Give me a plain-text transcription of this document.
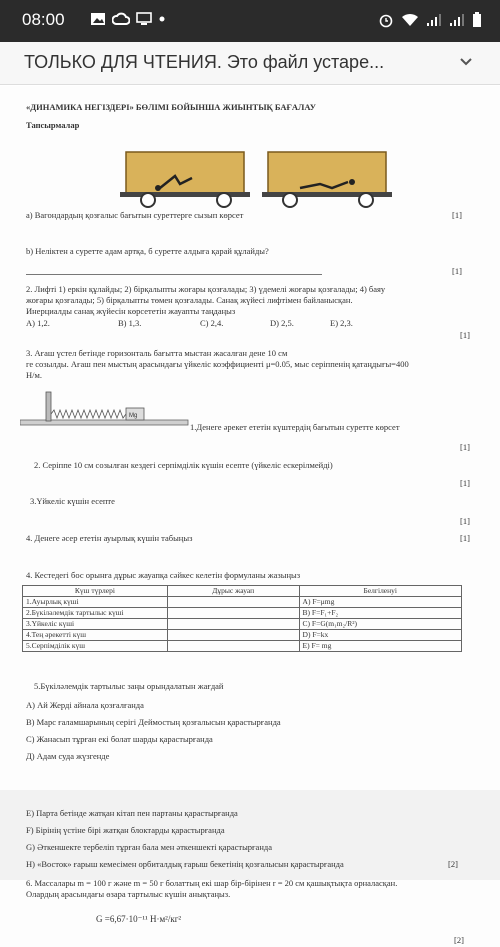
08:00
ТОЛЬКО ДЛЯ ЧТЕНИЯ. Это файл устаре...
«ДИНАМИКА НЕГІЗДЕРІ» БӨЛІМІ БОЙЫНША ЖИЫНТЫҚ БАҒАЛАУ
Тапсырмалар
а) Вагондардың қозғалыс бағытын суреттерге сызып көрсет	[1]
b) Неліктен а суретте адам артқа, б суретте алдыға қарай құлайды?
[1]
2. Лифті 1) еркін құлайды; 2) бірқалыпты жоғары қозғалады; 3) үдемелі жоғары қозғалады; 4) баяу
жоғары қозғалады; 5) бірқалыпты төмен қозғалады. Санақ жүйесі лифтімен байланысқан.
Инерциалды санақ жүйесін көрсететін жауапты таңдаңыз
A) 1,2.	B) 1,3.	C) 2,4.	D) 2,5.	E) 2,3.
[1]
3. Ағаш үстел бетінде горизонталь бағытта мыстан жасалған дене 10 см
ге созылды. Ағаш пен мыстың арасындағы үйкеліс коэффициенті μ=0.05, мыс серіппенің қатаңдығы=400
Н/м.
Mg
1.Денеге әрекет ететін күштердің бағытын суретте көрсет
[1]
2. Серіппе 10 см созылған кездегі серпімділік күшін есепте (үйкеліс ескерілмейді)
[1]
3.Үйкеліс күшін есепте
[1]
4. Денеге әсер ететін ауырлық күшін табыңыз	[1]
4. Кестедегі бос орынға дұрыс жауапқа сәйкес келетін формуланы жазыңыз
5.Бүкіләлемдік тартылыс заңы орындалатын жағдай
A) Ай Жерді айнала қозғалғанда
B) Марс ғаламшарының серігі Деймостың қозғалысын қарастырғанда
C) Жанасып тұрған екі болат шарды қарастырғанда
Д) Адам суда жүзгенде
E) Парта бетінде жатқан кітап пен партаны қарастырғанда
F) Бірінің үстіне бірі жатқан блоктарды қарастырғанда
G) Әткеншекте тербеліп тұрған бала мен әткеншекті қарастырғанда
H) «Восток» ғарыш кемесімен орбиталдық ғарыш бекетінің қозғалысын қарастырғанда	[2]
6. Массалары m = 100 г және m = 50 г болаттың екі шар бір-бірінен r = 20 см қашықтықта орналасқан.
Олардың арасындағы өзара тартылыс күшін анықтаңыз.
G =6,67·10⁻¹¹ Н·м²/кг²
[2]
Күш түрлері	Дұрыс жауап	Белгіленуі
1.Ауырлық күші		A) F=μmg
2.Бүкіләлемдік тартылыс күші		B) F=F₁+F₂
3.Үйкеліс күші		C) F=G(m₁m₂/R²)
4.Тең әрекетті күш		D) F=kx
5.Серпімділік күш		E) F= mg
